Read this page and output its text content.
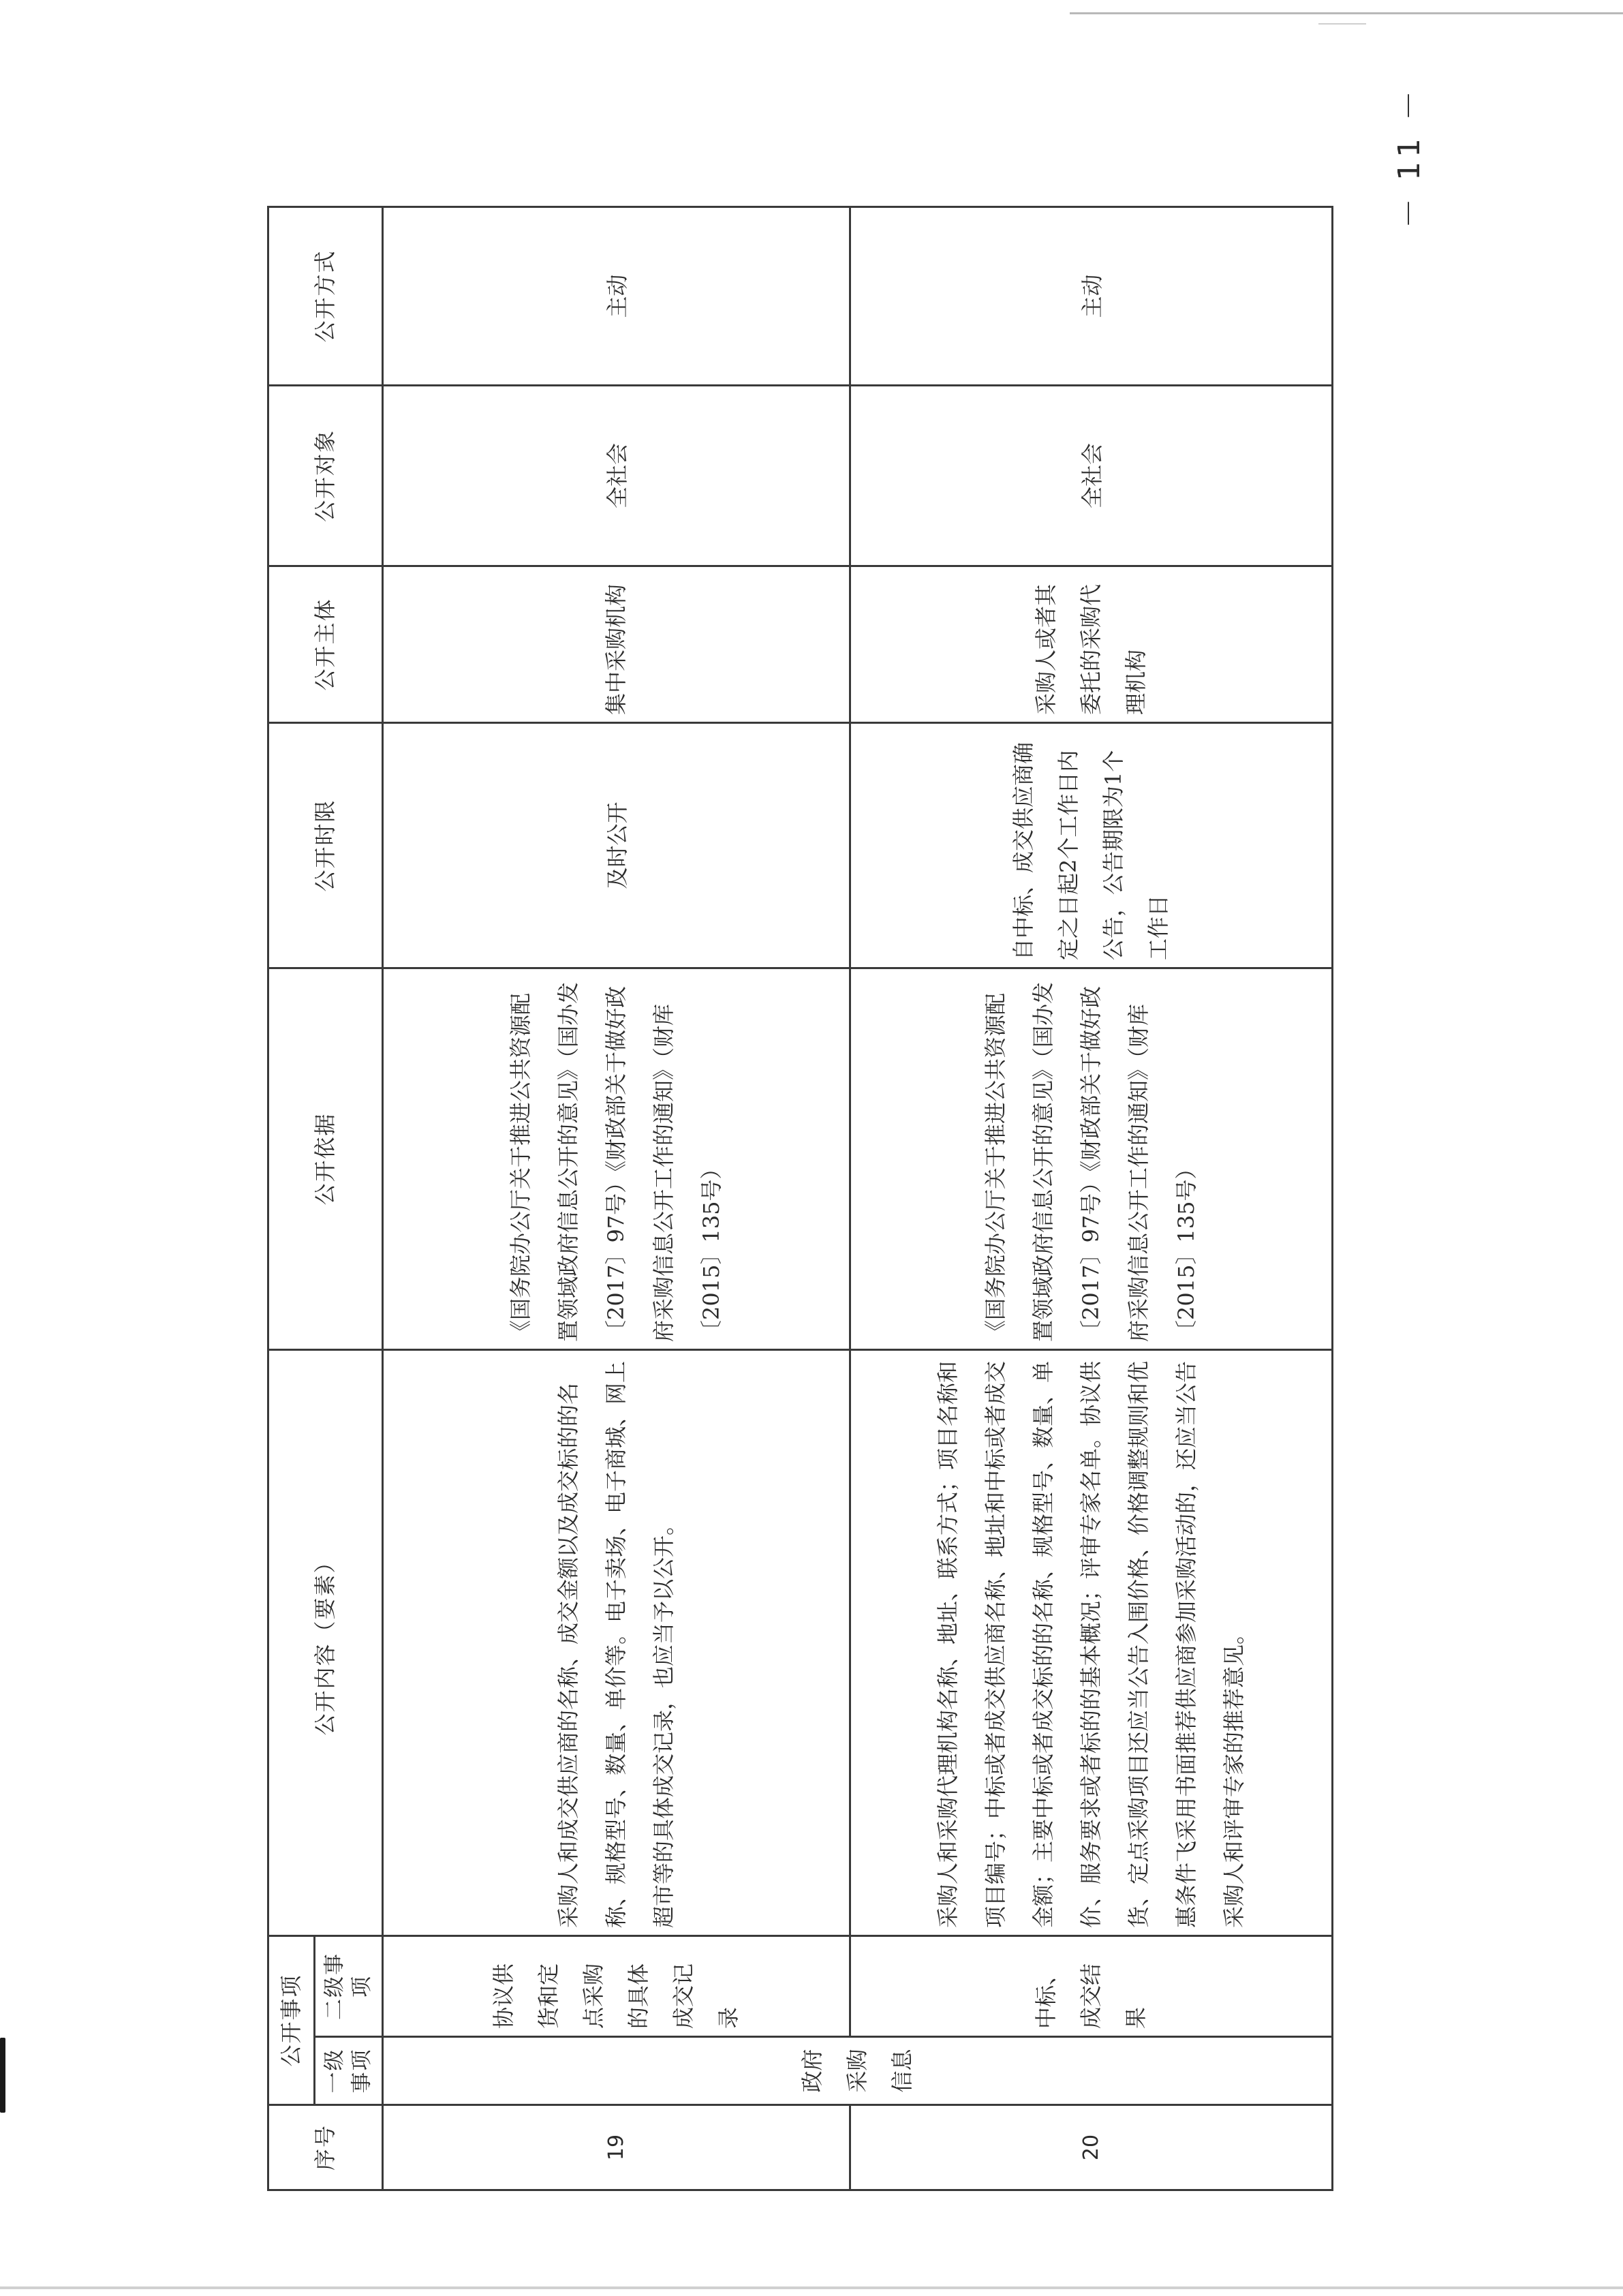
序号	公开事项		公开内容（要素）	公开依据	公开时限	公开主体	公开对象	公开方式
	一级事项	二级事项						
19	政府采购信息	协议供货和定点采购的具体成交记录	采购人和成交供应商的名称、成交金额以及成交标的的名称、规格型号、数量、单价等。电子卖场、电子商城、网上超市等的具体成交记录，也应当予以公开。	《国务院办公厅关于推进公共资源配置领域政府信息公开的意见》（国办发〔2017〕97号）《财政部关于做好政府采购信息公开工作的通知》（财库〔2015〕135号）	及时公开	集中采购机构	全社会	主动
20		中标、成交结果	采购人和采购代理机构名称、地址、联系方式；项目名称和项目编号；中标或者成交供应商名称、地址和中标或者成交金额；主要中标或者成交标的的名称、规格型号、数量、单价、服务要求或者标的的基本概况；评审专家名单。协议供货、定点采购项目还应当公告入围价格、价格调整规则和优惠条件飞采用书面推荐供应商参加采购活动的，还应当公告采购人和评审专家的推荐意见。	《国务院办公厅关于推进公共资源配置领域政府信息公开的意见》（国办发〔2017〕97号）《财政部关于做好政府采购信息公开工作的通知》（财库〔2015〕135号）	自中标、成交供应商确定之日起2个工作日内公告，公告期限为1个工作日	采购人或者其委托的采购代理机构	全社会	主动
－ 11 －
